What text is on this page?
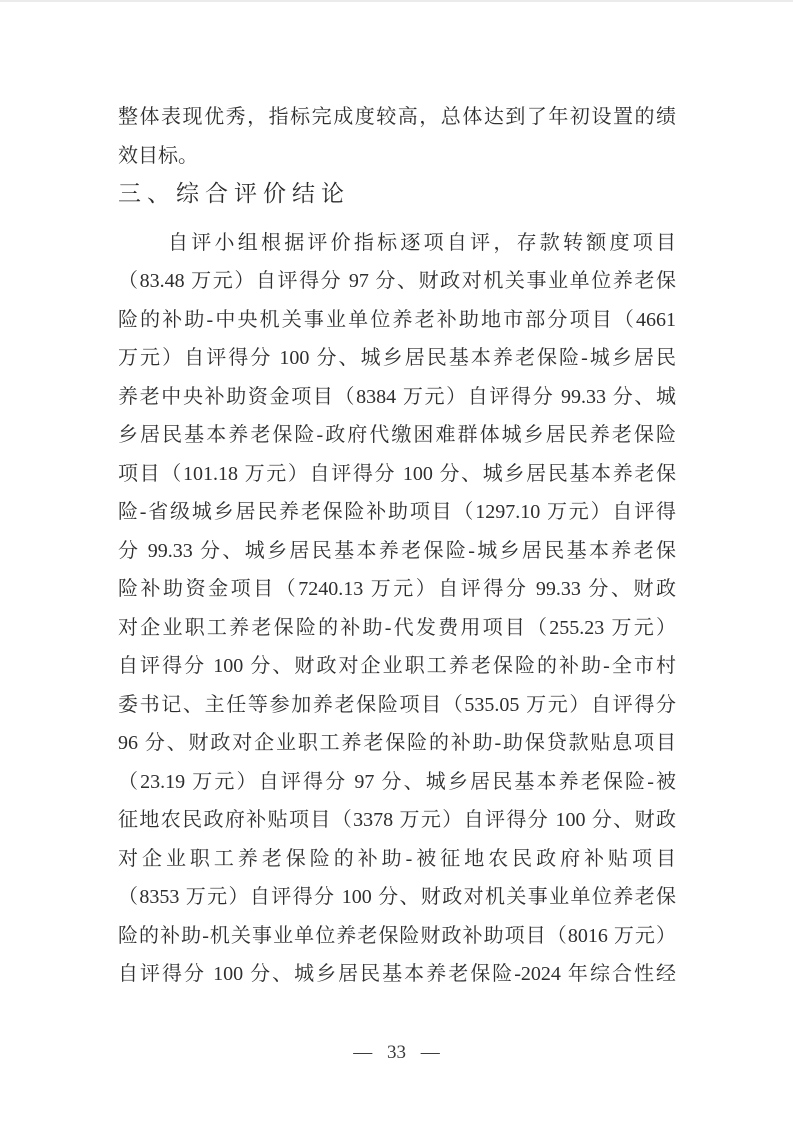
整体表现优秀，指标完成度较高，总体达到了年初设置的绩
效目标。
三、综合评价结论
自评小组根据评价指标逐项自评，存款转额度项目
（83.48 万元）自评得分 97 分、财政对机关事业单位养老保
险的补助-中央机关事业单位养老补助地市部分项目（4661
万元）自评得分 100 分、城乡居民基本养老保险-城乡居民
养老中央补助资金项目（8384 万元）自评得分 99.33 分、城
乡居民基本养老保险-政府代缴困难群体城乡居民养老保险
项目（101.18 万元）自评得分 100 分、城乡居民基本养老保
险-省级城乡居民养老保险补助项目（1297.10 万元）自评得
分 99.33 分、城乡居民基本养老保险-城乡居民基本养老保
险补助资金项目（7240.13 万元）自评得分 99.33 分、财政
对企业职工养老保险的补助-代发费用项目（255.23 万元）
自评得分 100 分、财政对企业职工养老保险的补助-全市村
委书记、主任等参加养老保险项目（535.05 万元）自评得分
96 分、财政对企业职工养老保险的补助-助保贷款贴息项目
（23.19 万元）自评得分 97 分、城乡居民基本养老保险-被
征地农民政府补贴项目（3378 万元）自评得分 100 分、财政
对企业职工养老保险的补助-被征地农民政府补贴项目
（8353 万元）自评得分 100 分、财政对机关事业单位养老保
险的补助-机关事业单位养老保险财政补助项目（8016 万元）
自评得分 100 分、城乡居民基本养老保险-2024 年综合性经
— 33 —
